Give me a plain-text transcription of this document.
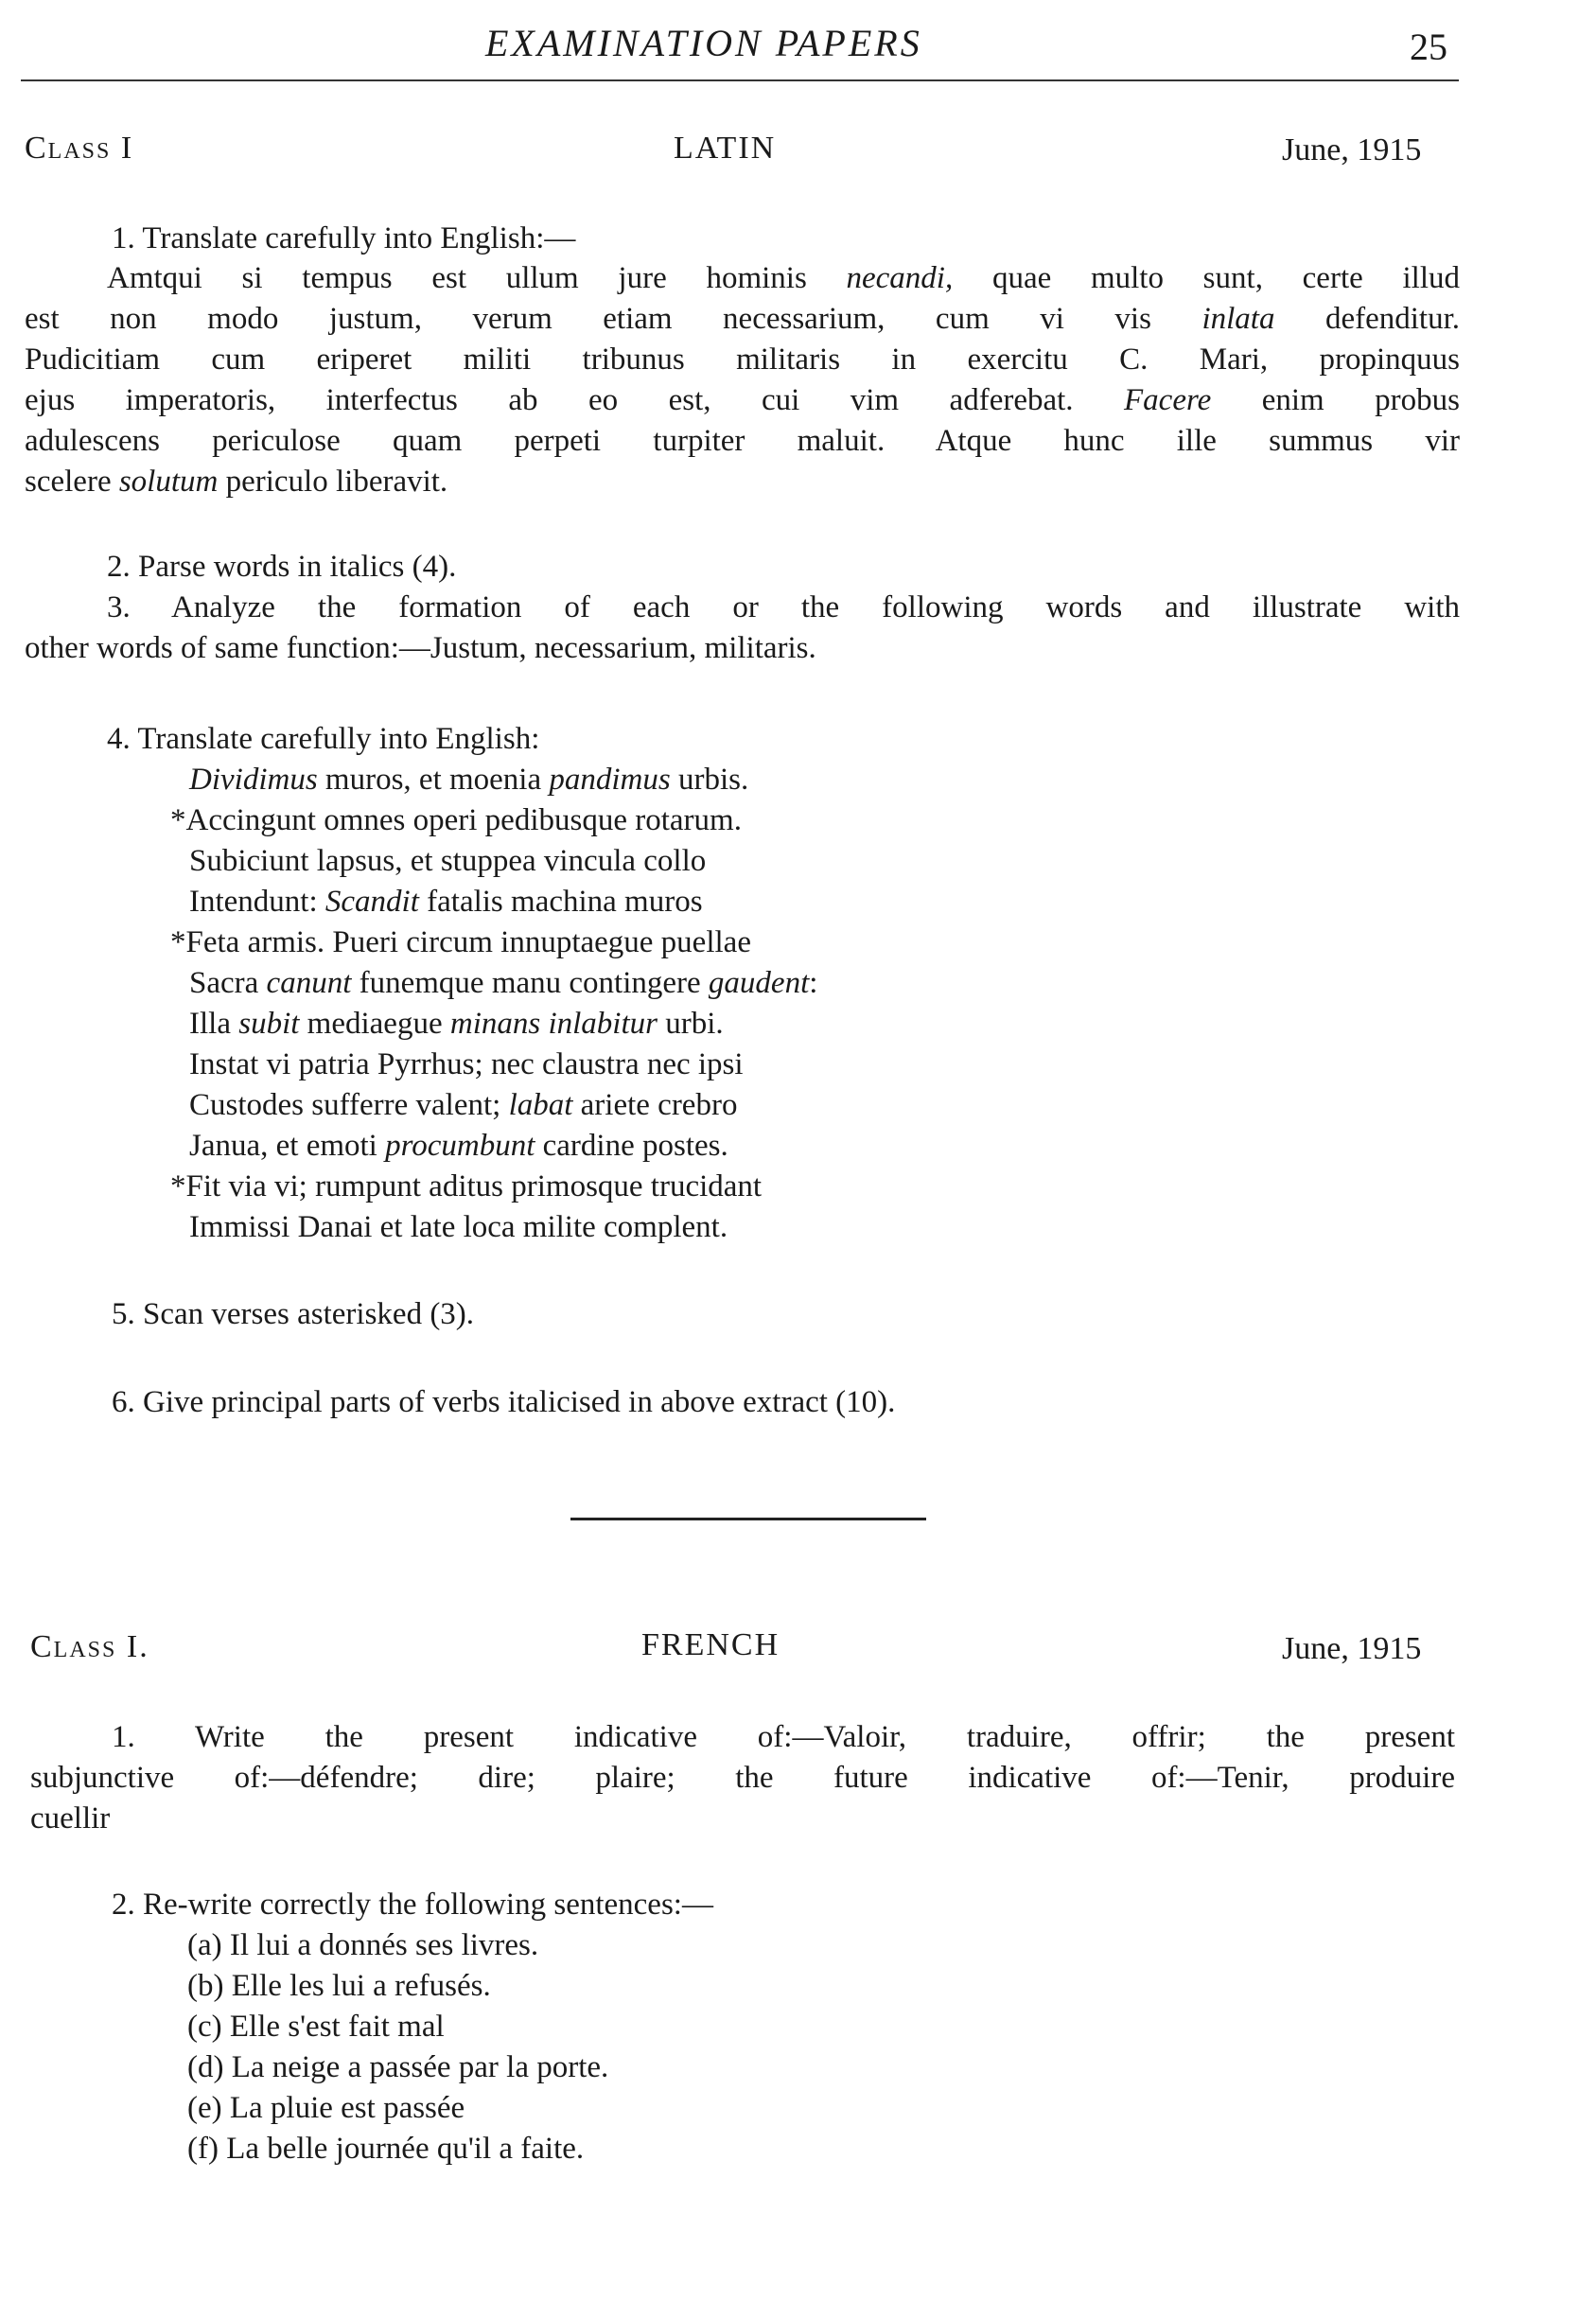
EXAMINATION PAPERS	25
Class I	LATIN	June, 1915
1. Translate carefully into English:—
Amtqui si tempus est ullum jure hominis necandi, quae multo sunt, certe illud
est non modo justum, verum etiam necessarium, cum vi vis inlata defenditur.
Pudicitiam cum eriperet militi tribunus militaris in exercitu C. Mari, propinquus
ejus imperatoris, interfectus ab eo est, cui vim adferebat. Facere enim probus
adulescens periculose quam perpeti turpiter maluit. Atque hunc ille summus vir
scelere solutum periculo liberavit.
2. Parse words in italics (4).
3. Analyze the formation of each or the following words and illustrate with
other words of same function:—Justum, necessarium, militaris.
4. Translate carefully into English:
Dividimus muros, et moenia pandimus urbis.
*Accingunt omnes operi pedibusque rotarum.
Subiciunt lapsus, et stuppea vincula collo
Intendunt: Scandit fatalis machina muros
*Feta armis. Pueri circum innuptaegue puellae
Sacra canunt funemque manu contingere gaudent:
Illa subit mediaegue minans inlabitur urbi.
Instat vi patria Pyrrhus; nec claustra nec ipsi
Custodes sufferre valent; labat ariete crebro
Janua, et emoti procumbunt cardine postes.
*Fit via vi; rumpunt aditus primosque trucidant
Immissi Danai et late loca milite complent.
5. Scan verses asterisked (3).
6. Give principal parts of verbs italicised in above extract (10).
Class I.	FRENCH	June, 1915
1. Write the present indicative of:—Valoir, traduire, offrir; the present
subjunctive of:—défendre; dire; plaire; the future indicative of:—Tenir, produire
cuellir
2. Re-write correctly the following sentences:—
(a) Il lui a donnés ses livres.
(b) Elle les lui a refusés.
(c) Elle s'est fait mal
(d) La neige a passée par la porte.
(e) La pluie est passée
(f) La belle journée qu'il a faite.
